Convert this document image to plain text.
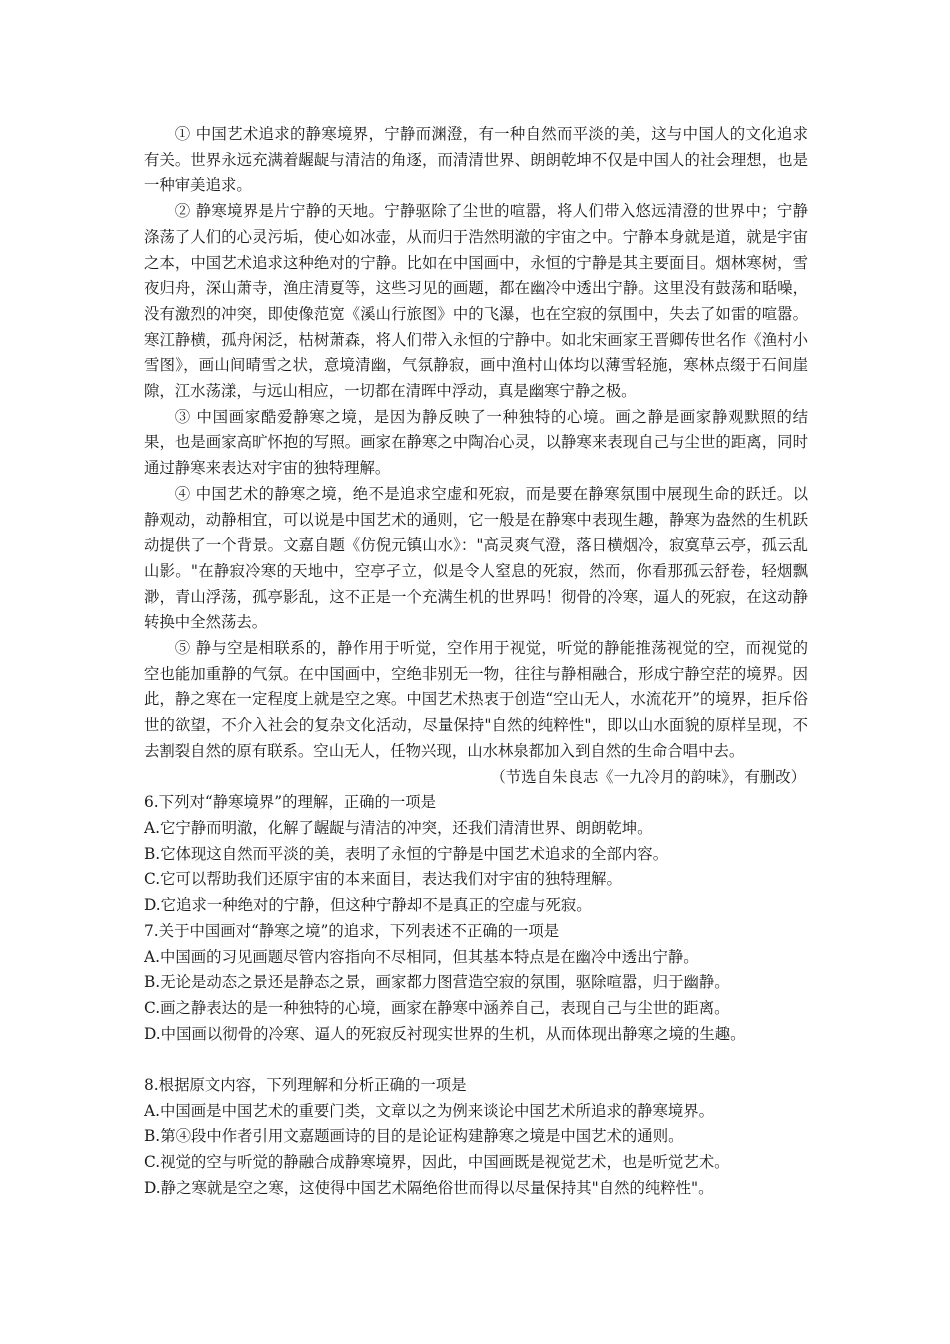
① 中国艺术追求的静寒境界，宁静而渊澄，有一种自然而平淡的美，这与中国人的文化追求有关。世界永远充满着龌龊与清洁的角逐，而清清世界、朗朗乾坤不仅是中国人的社会理想，也是一种审美追求。

② 静寒境界是片宁静的天地。宁静驱除了尘世的喧嚣，将人们带入悠远清澄的世界中；宁静涤荡了人们的心灵污垢，使心如冰壶，从而归于浩然明澈的宇宙之中。宁静本身就是道，就是宇宙之本，中国艺术追求这种绝对的宁静。比如在中国画中，永恒的宁静是其主要面目。烟林寒树，雪夜归舟，深山萧寺，渔庄清夏等，这些习见的画题，都在幽冷中透出宁静。这里没有鼓荡和聒噪，没有激烈的冲突，即使像范宽《溪山行旅图》中的飞瀑，也在空寂的氛围中，失去了如雷的喧嚣。寒江静横，孤舟闲泛，枯树萧森，将人们带入永恒的宁静中。如北宋画家王晋卿传世名作《渔村小雪图》，画山间晴雪之状，意境清幽，气氛静寂，画中渔村山体均以薄雪轻施，寒林点缀于石间崖隙，江水荡漾，与远山相应，一切都在清晖中浮动，真是幽寒宁静之极。

③ 中国画家酷爱静寒之境，是因为静反映了一种独特的心境。画之静是画家静观默照的结果，也是画家高旷怀抱的写照。画家在静寒之中陶冶心灵，以静寒来表现自己与尘世的距离，同时通过静寒来表达对宇宙的独特理解。

④ 中国艺术的静寒之境，绝不是追求空虚和死寂，而是要在静寒氛围中展现生命的跃迁。以静观动，动静相宜，可以说是中国艺术的通则，它一般是在静寒中表现生趣，静寒为盎然的生机跃动提供了一个背景。文嘉自题《仿倪元镇山水》："高灵爽气澄，落日横烟冷，寂寞草云亭，孤云乱山影。"在静寂冷寒的天地中，空亭孑立，似是令人窒息的死寂，然而，你看那孤云舒卷，轻烟飘渺，青山浮荡，孤亭影乱，这不正是一个充满生机的世界吗！彻骨的冷寒，逼人的死寂，在这动静转换中全然荡去。

⑤ 静与空是相联系的，静作用于听觉，空作用于视觉，听觉的静能推荡视觉的空，而视觉的空也能加重静的气氛。在中国画中，空绝非别无一物，往往与静相融合，形成宁静空茫的境界。因此，静之寒在一定程度上就是空之寒。中国艺术热衷于创造“空山无人，水流花开”的境界，拒斥俗世的欲望，不介入社会的复杂文化活动，尽量保持"自然的纯粹性"，即以山水面貌的原样呈现，不去割裂自然的原有联系。空山无人，任物兴现，山水林泉都加入到自然的生命合唱中去。

（节选自朱良志《一九冷月的韵味》，有删改）

6.下列对“静寒境界”的理解，正确的一项是

A.它宁静而明澈，化解了龌龊与清洁的冲突，还我们清清世界、朗朗乾坤。

B.它体现这自然而平淡的美，表明了永恒的宁静是中国艺术追求的全部内容。

C.它可以帮助我们还原宇宙的本来面目，表达我们对宇宙的独特理解。

D.它追求一种绝对的宁静，但这种宁静却不是真正的空虚与死寂。

7.关于中国画对“静寒之境”的追求，下列表述不正确的一项是

A.中国画的习见画题尽管内容指向不尽相同，但其基本特点是在幽冷中透出宁静。

B.无论是动态之景还是静态之景，画家都力图营造空寂的氛围，驱除喧嚣，归于幽静。

C.画之静表达的是一种独特的心境，画家在静寒中涵养自己，表现自己与尘世的距离。

D.中国画以彻骨的冷寒、逼人的死寂反衬现实世界的生机，从而体现出静寒之境的生趣。

8.根据原文内容，下列理解和分析正确的一项是

A.中国画是中国艺术的重要门类，文章以之为例来谈论中国艺术所追求的静寒境界。

B.第④段中作者引用文嘉题画诗的目的是论证构建静寒之境是中国艺术的通则。

C.视觉的空与听觉的静融合成静寒境界，因此，中国画既是视觉艺术，也是听觉艺术。

D.静之寒就是空之寒，这使得中国艺术隔绝俗世而得以尽量保持其"自然的纯粹性"。
